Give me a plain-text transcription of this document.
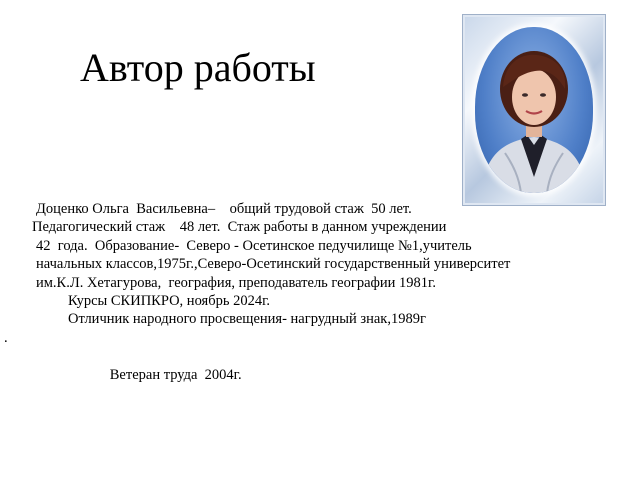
Автор работы
Доценко Ольга  Васильевна–    общий трудовой стаж  50 лет.
Педагогический стаж    48 лет.  Стаж работы в данном учреждении
42  года.  Образование-  Северо - Осетинское педучилище №1,учитель
начальных классов,1975г.,Северо-Осетинский государственный университет
им.К.Л. Хетагурова,  география, преподаватель географии 1981г.
Курсы СКИПКРО, ноябрь 2024г.
Отличник народного просвещения- нагрудный знак,1989г

.

Ветеран труда  2004г.
